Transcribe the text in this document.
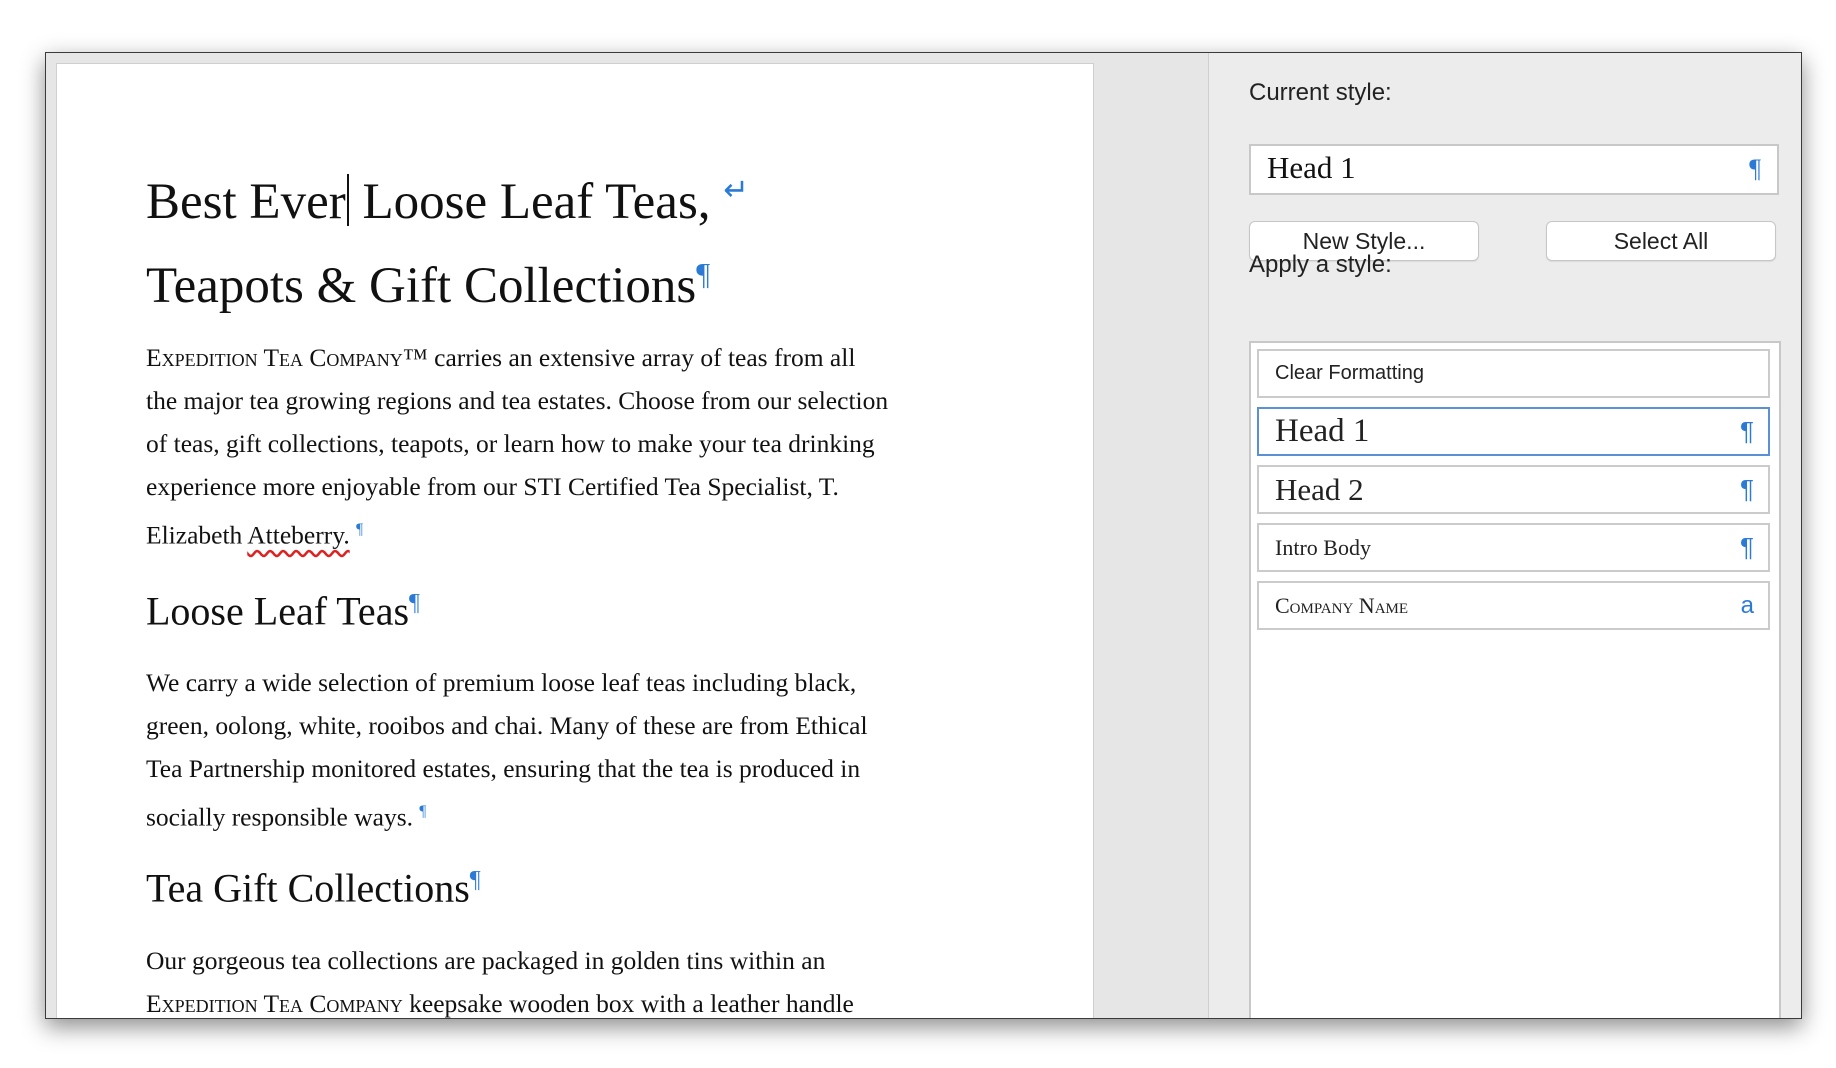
Best Ever Loose Leaf Teas, ↵

Teapots & Gift Collections¶

Expedition Tea Company™ carries an extensive array of teas from all
the major tea growing regions and tea estates. Choose from our selection
of teas, gift collections, teapots, or learn how to make your tea drinking
experience more enjoyable from our STI Certified Tea Specialist, T.
Elizabeth Atteberry. ¶

Loose Leaf Teas¶

We carry a wide selection of premium loose leaf teas including black,
green, oolong, white, rooibos and chai. Many of these are from Ethical
Tea Partnership monitored estates, ensuring that the tea is produced in
socially responsible ways. ¶

Tea Gift Collections¶

Our gorgeous tea collections are packaged in golden tins within an
Expedition Tea Company keepsake wooden box with a leather handle

Current style:
Head 1	¶
New Style...	Select All
Apply a style:
Clear Formatting
Head 1	¶
Head 2	¶
Intro Body	¶
Company Name	a
